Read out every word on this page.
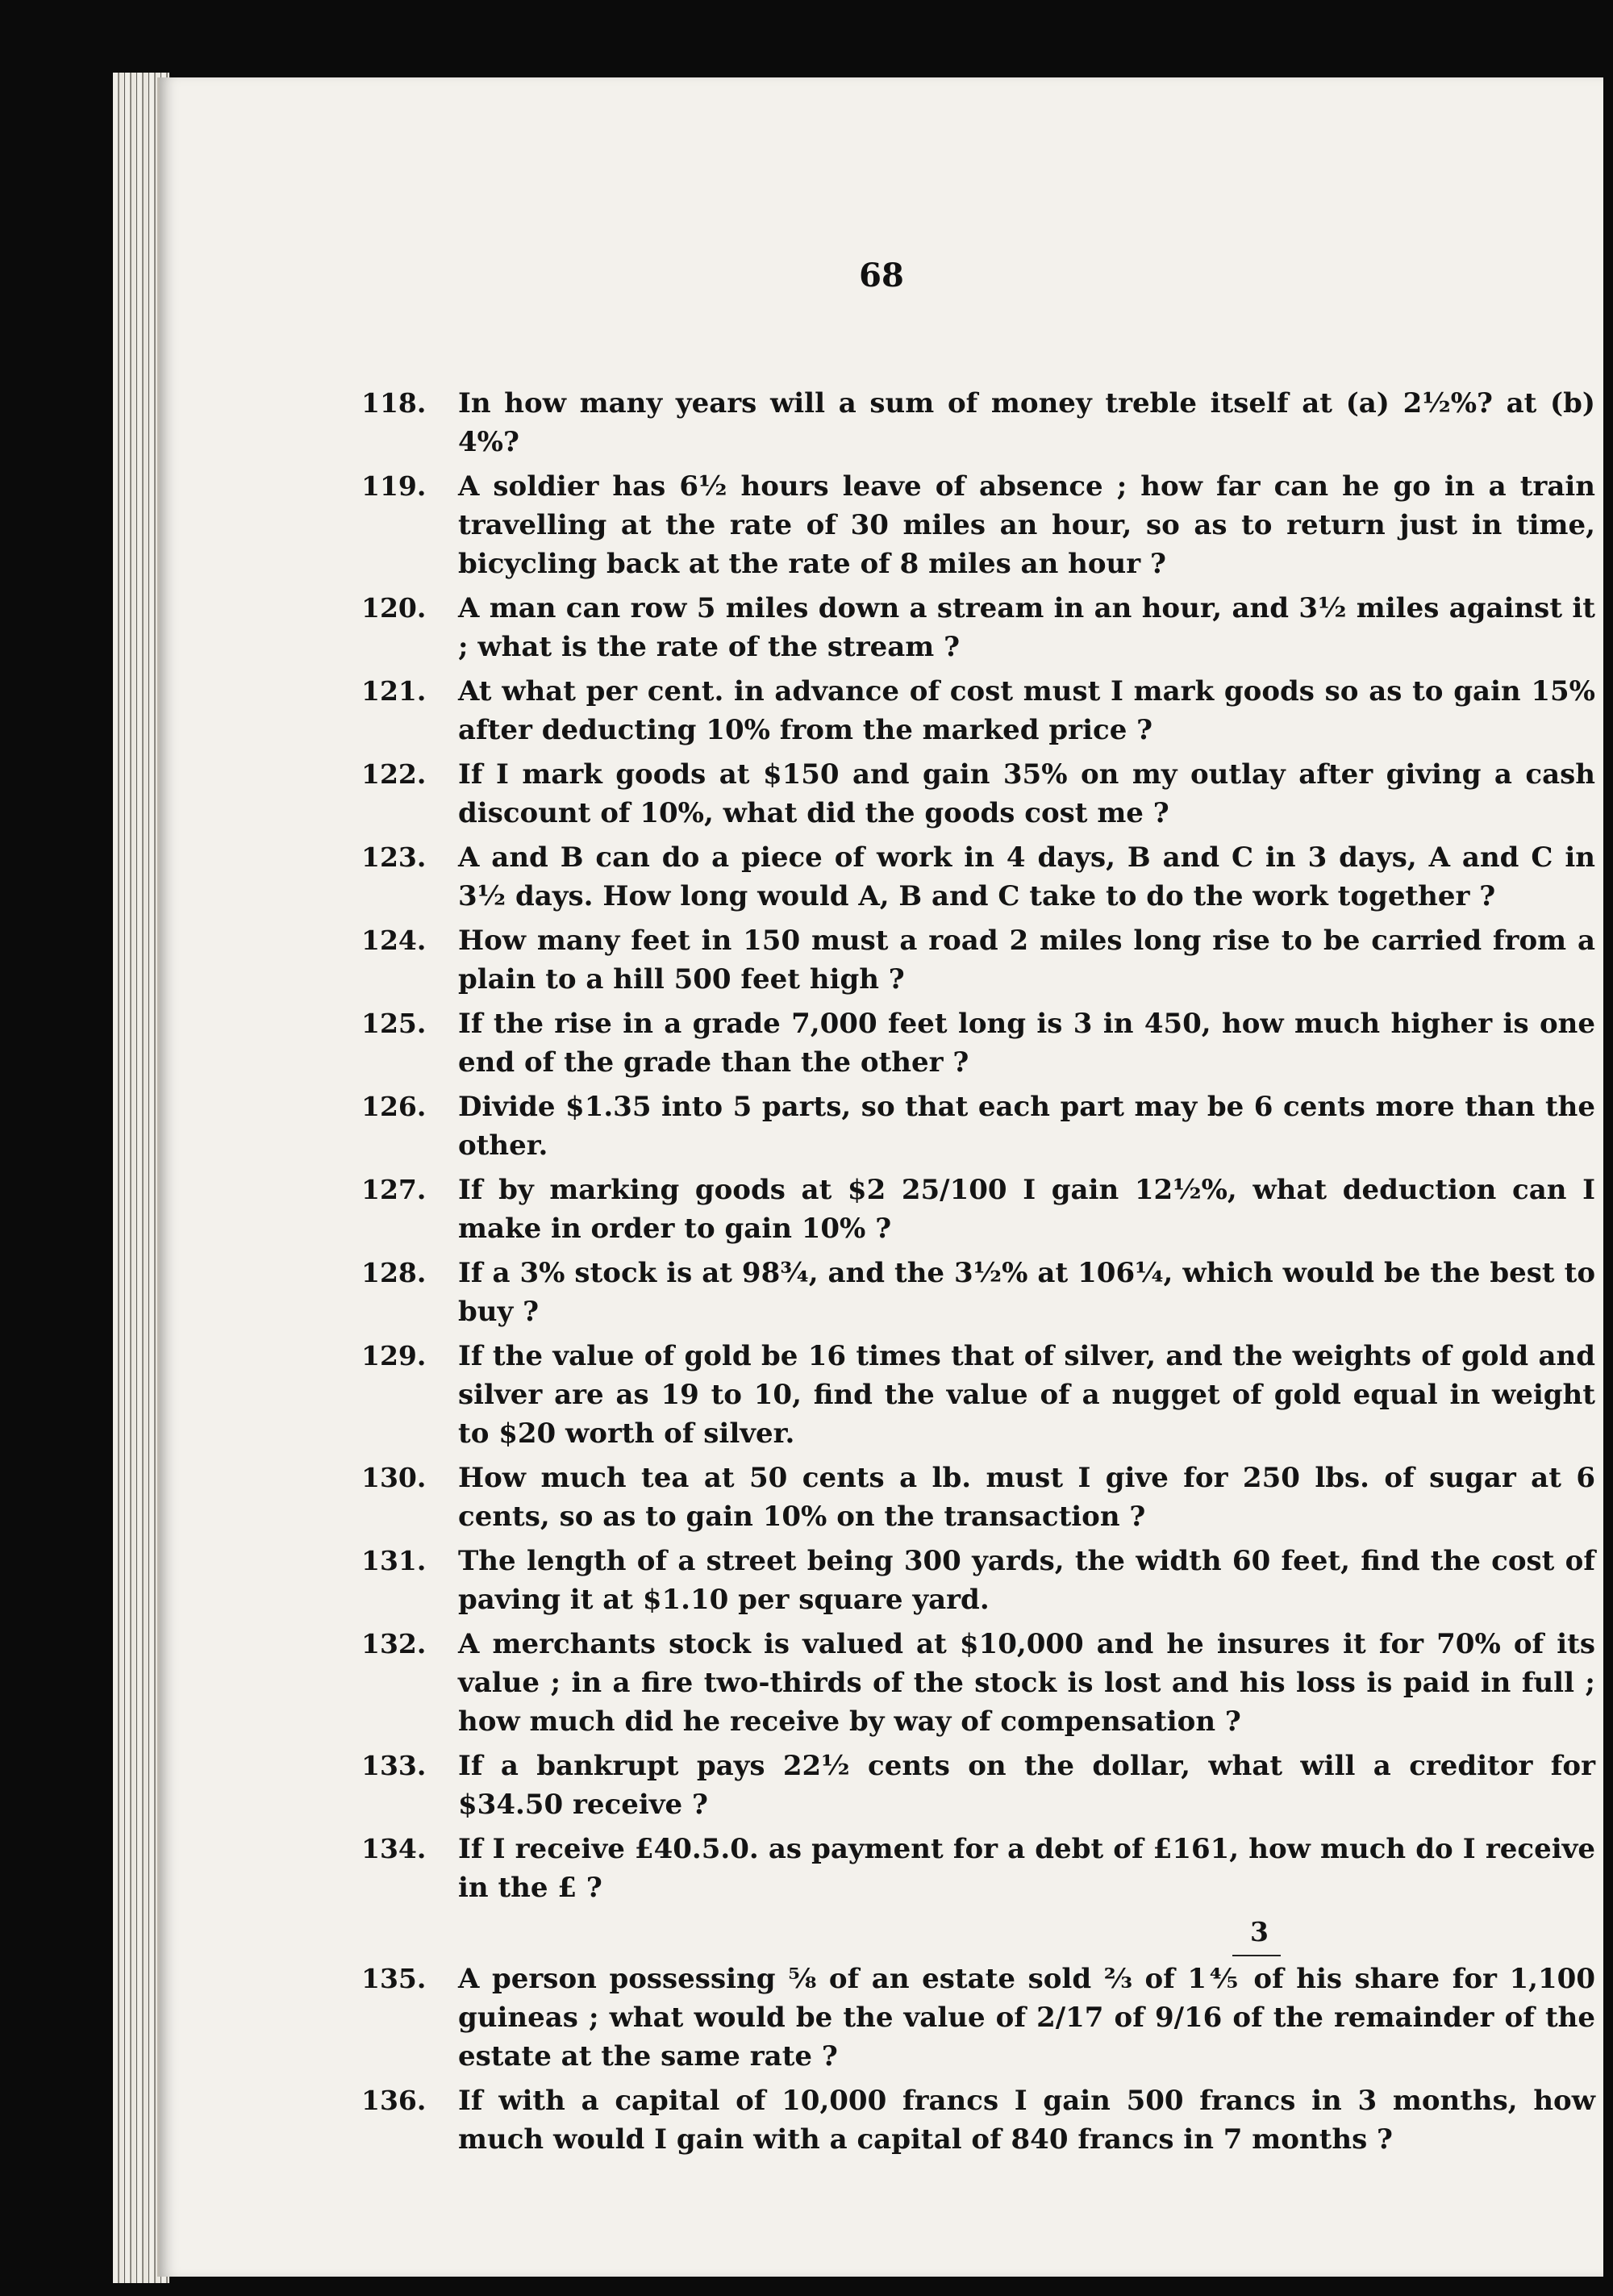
68
118.	In how many years will a sum of money treble itself at (a) 2½%? at (b) 4%?
119.	A soldier has 6½ hours leave of absence ; how far can he go in a train travelling at the rate of 30 miles an hour, so as to return just in time, bicycling back at the rate of 8 miles an hour ?
120.	A man can row 5 miles down a stream in an hour, and 3½ miles against it ; what is the rate of the stream ?
121.	At what per cent. in advance of cost must I mark goods so as to gain 15% after deducting 10% from the marked price ?
122.	If I mark goods at $150 and gain 35% on my outlay after giving a cash discount of 10%, what did the goods cost me ?
123.	A and B can do a piece of work in 4 days, B and C in 3 days, A and C in 3½ days. How long would A, B and C take to do the work together ?
124.	How many feet in 150 must a road 2 miles long rise to be carried from a plain to a hill 500 feet high ?
125.	If the rise in a grade 7,000 feet long is 3 in 450, how much higher is one end of the grade than the other ?
126.	Divide $1.35 into 5 parts, so that each part may be 6 cents more than the other.
127.	If by marking goods at $2 25/100 I gain 12½%, what deduction can I make in order to gain 10% ?
128.	If a 3% stock is at 98¾, and the 3½% at 106¼, which would be the best to buy ?
129.	If the value of gold be 16 times that of silver, and the weights of gold and silver are as 19 to 10, find the value of a nugget of gold equal in weight to $20 worth of silver.
130.	How much tea at 50 cents a lb. must I give for 250 lbs. of sugar at 6 cents, so as to gain 10% on the transaction ?
131.	The length of a street being 300 yards, the width 60 feet, find the cost of paving it at $1.10 per square yard.
132.	A merchants stock is valued at $10,000 and he insures it for 70% of its value ; in a fire two-thirds of the stock is lost and his loss is paid in full ; how much did he receive by way of compensation ?
133.	If a bankrupt pays 22½ cents on the dollar, what will a creditor for $34.50 receive ?
134.	If I receive £40.5.0. as payment for a debt of £161, how much do I receive in the £ ?
3
135.	A person possessing ⅝ of an estate sold ⅔ of 1⅘ of his share for 1,100 guineas ; what would be the value of 2/17 of 9/16 of the remainder of the estate at the same rate ?
136.	If with a capital of 10,000 francs I gain 500 francs in 3 months, how much would I gain with a capital of 840 francs in 7 months ?
